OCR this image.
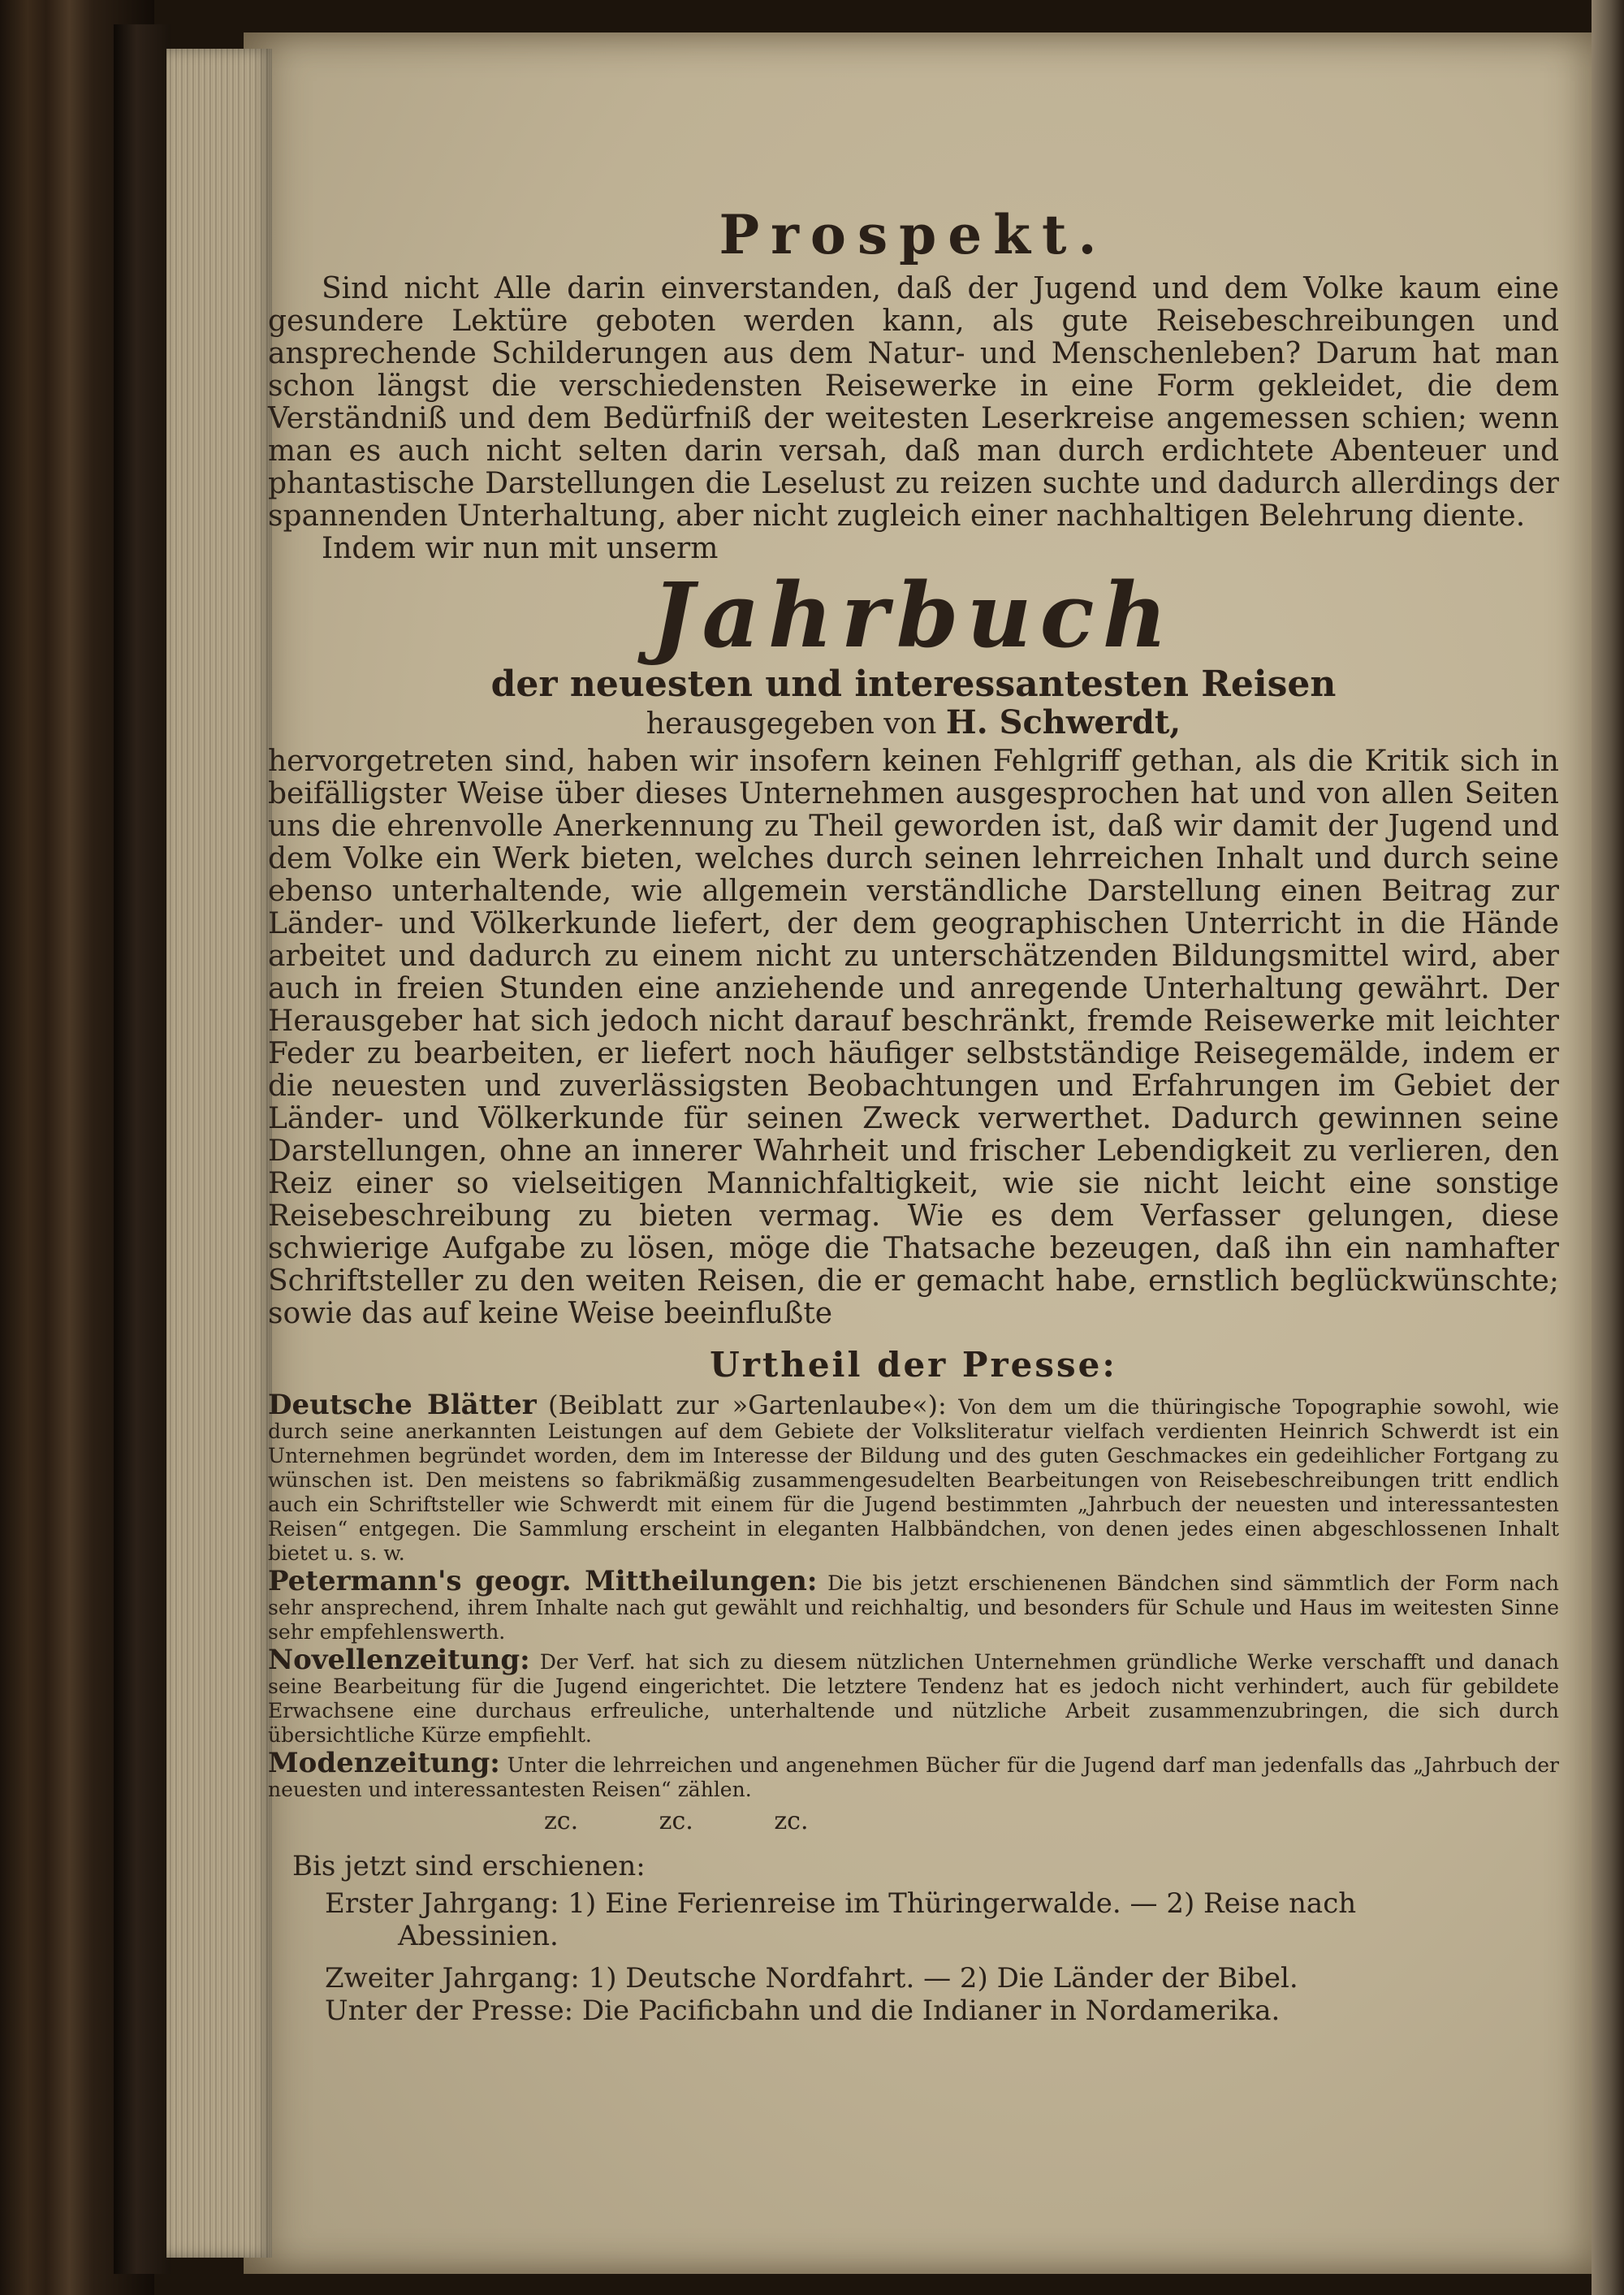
Prospekt.

Sind nicht Alle darin einverstanden, daß der Jugend und dem Volke kaum eine gesundere Lektüre geboten werden kann, als gute Reisebeschreibungen und ansprechende Schilderungen aus dem Natur- und Menschenleben? Darum hat man schon längst die verschiedensten Reisewerke in eine Form gekleidet, die dem Verständniß und dem Bedürfniß der weitesten Leserkreise angemessen schien; wenn man es auch nicht selten darin versah, daß man durch erdichtete Abenteuer und phantastische Darstellungen die Leselust zu reizen suchte und dadurch allerdings der spannenden Unterhaltung, aber nicht zugleich einer nachhaltigen Belehrung diente.

Indem wir nun mit unserm

Jahrbuch
der neuesten und interessantesten Reisen
herausgegeben von H. Schwerdt,

hervorgetreten sind, haben wir insofern keinen Fehlgriff gethan, als die Kritik sich in beifälligster Weise über dieses Unternehmen ausgesprochen hat und von allen Seiten uns die ehrenvolle Anerkennung zu Theil geworden ist, daß wir damit der Jugend und dem Volke ein Werk bieten, welches durch seinen lehrreichen Inhalt und durch seine ebenso unterhaltende, wie allgemein verständliche Darstellung einen Beitrag zur Länder- und Völkerkunde liefert, der dem geographischen Unterricht in die Hände arbeitet und dadurch zu einem nicht zu unterschätzenden Bildungsmittel wird, aber auch in freien Stunden eine anziehende und anregende Unterhaltung gewährt. Der Herausgeber hat sich jedoch nicht darauf beschränkt, fremde Reisewerke mit leichter Feder zu bearbeiten, er liefert noch häufiger selbstständige Reisegemälde, indem er die neuesten und zuverlässigsten Beobachtungen und Erfahrungen im Gebiet der Länder- und Völkerkunde für seinen Zweck verwerthet. Dadurch gewinnen seine Darstellungen, ohne an innerer Wahrheit und frischer Lebendigkeit zu verlieren, den Reiz einer so vielseitigen Mannichfaltigkeit, wie sie nicht leicht eine sonstige Reisebeschreibung zu bieten vermag. Wie es dem Verfasser gelungen, diese schwierige Aufgabe zu lösen, möge die Thatsache bezeugen, daß ihn ein namhafter Schriftsteller zu den weiten Reisen, die er gemacht habe, ernstlich beglückwünschte; sowie das auf keine Weise beeinflußte

Urtheil der Presse:

Deutsche Blätter (Beiblatt zur »Gartenlaube«): Von dem um die thüringische Topographie sowohl, wie durch seine anerkannten Leistungen auf dem Gebiete der Volksliteratur vielfach verdienten Heinrich Schwerdt ist ein Unternehmen begründet worden, dem im Interesse der Bildung und des guten Geschmackes ein gedeihlicher Fortgang zu wünschen ist. Den meistens so fabrikmäßig zusammengesudelten Bearbeitungen von Reisebeschreibungen tritt endlich auch ein Schriftsteller wie Schwerdt mit einem für die Jugend bestimmten „Jahrbuch der neuesten und interessantesten Reisen“ entgegen. Die Sammlung erscheint in eleganten Halbbändchen, von denen jedes einen abgeschlossenen Inhalt bietet u. s. w.

Petermann's geogr. Mittheilungen: Die bis jetzt erschienenen Bändchen sind sämmtlich der Form nach sehr ansprechend, ihrem Inhalte nach gut gewählt und reichhaltig, und besonders für Schule und Haus im weitesten Sinne sehr empfehlenswerth.

Novellenzeitung: Der Verf. hat sich zu diesem nützlichen Unternehmen gründliche Werke verschafft und danach seine Bearbeitung für die Jugend eingerichtet. Die letztere Tendenz hat es jedoch nicht verhindert, auch für gebildete Erwachsene eine durchaus erfreuliche, unterhaltende und nützliche Arbeit zusammenzubringen, die sich durch übersichtliche Kürze empfiehlt.

Modenzeitung: Unter die lehrreichen und angenehmen Bücher für die Jugend darf man jedenfalls das „Jahrbuch der neuesten und interessantesten Reisen“ zählen.

zc. zc. zc.
Bis jetzt sind erschienen:
Erster Jahrgang: 1) Eine Ferienreise im Thüringerwalde. — 2) Reise nach
Abessinien.
Zweiter Jahrgang: 1) Deutsche Nordfahrt. — 2) Die Länder der Bibel.
Unter der Presse: Die Pacificbahn und die Indianer in Nordamerika.
